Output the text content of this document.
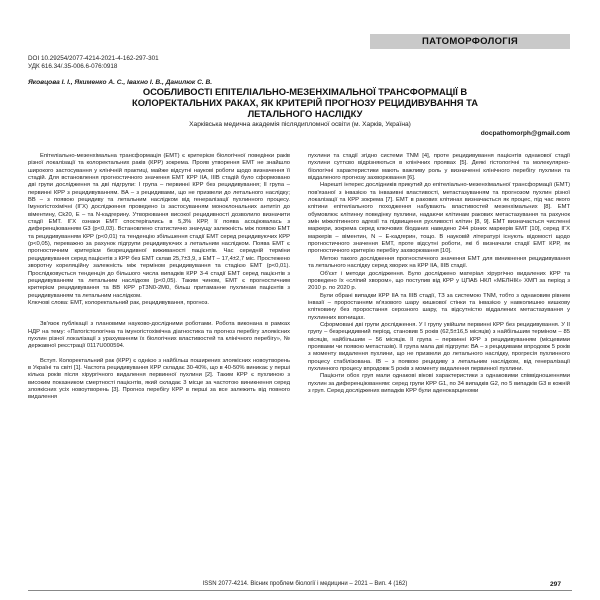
ПАТОМОРФОЛОГІЯ
DOI 10.29254/2077-4214-2021-4-162-297-301
УДК 616.34/.35-006.6-076:0918
Яковцова І. І., Якименко А. С., Івахно І. В., Данилюк С. В.
ОСОБЛИВОСТІ ЕПІТЕЛІАЛЬНО-МЕЗЕНХІМАЛЬНОЇ ТРАНСФОРМАЦІЇ В КОЛОРЕКТАЛЬНИХ РАКАХ, ЯК КРИТЕРІЙ ПРОГНОЗУ РЕЦИДИВУВАННЯ ТА ЛЕТАЛЬНОГО НАСЛІДКУ
Харківська медична академія післядипломної освіти (м. Харків, Україна)
docpathomorph@gmail.com

Епітеліально-мезенхімальна трансформація (ЕМТ) є критерієм біологічної поведінки раків різної локалізації та колоректальних раків (КРР) зокрема. Прояв утворення ЕМТ не знайшло широкого застосування у клінічній практиці, майже відсутні наукові роботи щодо визначення її стадій. Для встановлення прогностичного значення ЕМТ КРР IIА, IIIВ стадій було сформовано дві групи дослідження та дві підгрупи: І група – первинні КРР без рецидивування; ІІ група – первинні КРР з рецидивуванням. ВА – з рецидивами, що не призвели до летального наслідку; ВВ – з появою рецидиву та летальним наслідком від генералізації пухлинного процесу. Імуногістохімічні (ІГХ) дослідження проведено із застосуванням моноклональних антитіл до віментину, Ck20, E – та N-кадгерину. Утворювання високої рецидивності дозволило визначити стадії ЕМТ. ІГХ ознаки ЕМТ спостерігались в 5,3% КРР, її поява асоціювалась з диференціюванням G3 (р<0,03). Встановлено статистично значущу залежність між появою ЕМТ та рецидивуванням КРР (р<0,01) та тенденцію збільшення стадії ЕМТ серед рецидивуючих КРР (р<0,05), переважно за рахунок підгрупи рецидивуючих з летальним наслідком. Поява ЕМТ є прогностичним критерієм безрецидивної виживаності пацієнтів. Час середній терміни рецидивування серед пацієнтів з КРР без ЕМТ склав 25,7±3,9, з ЕМТ – 17,4±2,7 міс. Простежено зворотну кореляційну залежність між терміном рецидивування та стадією ЕМТ (р<0,01). Прослідковується тенденція до більшого числа випадків КРР 3-4 стадії ЕМТ серед пацієнтів з рецидивуванням та летальним наслідком (р<0,05). Таким чином, ЕМТ є прогностичним критерієм рецидивування та ВВ КРР рТ3N0-2М0, більш притаманне пухлинам пацієнтів з рецидивуванням та летальним наслідком.

Ключові слова: ЕМТ, колоректальний рак, рецидивування, прогноз.

Зв'язок публікації з плановими науково-дослідними роботами. Робота виконана в рамках НДР на тему: «Патогістологічна та імуногістохімічна діагностика та прогноз перебігу злоякісних пухлин різної локалізації з урахуванням їх біологічних властивостей та клінічного перебігу», № державної реєстрації 0117U000594.

Вступ. Колоректальний рак (КРР) є однією з найбільш поширених злоякісних новоутворень в Україні та світі [1]. Частота рецидивування КРР складає 30-40%, що в 40-50% виникає у перші кілька років після хірургічного видалення первинної пухлини [2]. Таким КРР є пухлиною з високим показником смертності пацієнтів, який складає 3 місце за частотою виникнення серед злоякісних усіх новоутворень [3]. Прогноз перебігу КРР в перші за все залежить від повного видалення

пухлини та стадії згідно системи TNM [4], проте рецидивування пацієнтів однакової стадії пухлини суттєво відрізняються в клінічних проявах [5]. Деякі гістологічні та молекулярно-біологічні характеристики мають важливу роль у визначенні клінічного перебігу пухлини та віддаленого прогнозу захворювання [6].

Нарешті інтерес дослідників прикутий до епітеліально-мезенхімальної трансформації (ЕМТ) пов'язаної з інвазією та інвазивні властивості, метастазуванням та прогнозом пухлин різної локалізації та КРР зокрема [7]. ЕМТ в ракових клітинах визначається як процес, під час якого клітини епітеліального походження набувають властивостей мезенхімальних [8]. ЕМТ обумовлює клітинну поведінку пухлини, надаючи клітинам ракових метастазування та рахунок змін міжклітинного адгезії та підвищення рухливості клітин [8, 9]. ЕМТ визначається численні маркери, зокрема серед ключових біоданих наведено 244 різних маркерів ЕМТ [10], серед ІГХ маркерів – віментин, N – Е-кадгерин, тощо. В науковій літературі існують відомості щодо прогностичного значення ЕМТ, проте відсутні роботи, які б визначали стадії ЕМТ КРР, як прогностичного критерію перебігу захворювання [10].

Метою такого дослідження прогностичного значення ЕМТ для виникнення рецидивування та летального наслідку серед хворих на КРР IIА, IIIВ стадії.

Об'єкт і методи дослідження. Було досліджено матеріал хірургічно видалених КРР та проведено їх «сліпий хвором», що поступив від КРР у ЦПАБ НКЛ «МЕЛНІК» ХМП за період з 2010 р. по 2020 р.

Були обрані випадки КРР ІІА та ІІІВ стадії, ТЗ за системою TNM, тобто з однаковим рівнем інвазії – проростанням м'язового шару кишкової стінки та інвазією у навколишню кишкову клітковину без проростання серозного шару, та відсутністю віддалених метастазування у пухлинних вогнищах.

Сформовані дві групи дослідження. У І групу увійшли первинні КРР без рецидивування. У ІІ групу – безрецидивний період, становив 5 років (62,5±16,5 місяців) з найбільшим терміном – 85 місяців, найбільшим – 56 місяців. ІІ група – первинні КРР з рецидивуванням (місцевими проявами чи появою метастазів). ІІ група мала дві підгрупи: ВА – з рецидивами впродовж 5 років з моменту видалення пухлини, що не призвели до летального наслідку, прогресія пухлинного процесу стабілізована. ІВ – з появою рецидиву з летальним наслідком, від генералізації пухлинного процесу впродовж 5 років з моменту видалення первинної пухлини.

Пацієнти обох груп мали однакові вікові характеристики з однаковими співвідношеннями пухлин за диференціюванням: серед групи КРР G1, по 34 випадків G2, по 5 випадків G3 в кожній з груп. Серед досліджених випадків КРР були аденокарциноми

ISSN 2077-4214. Вісник проблем біології і медицини – 2021 – Вип. 4 (162)	297
